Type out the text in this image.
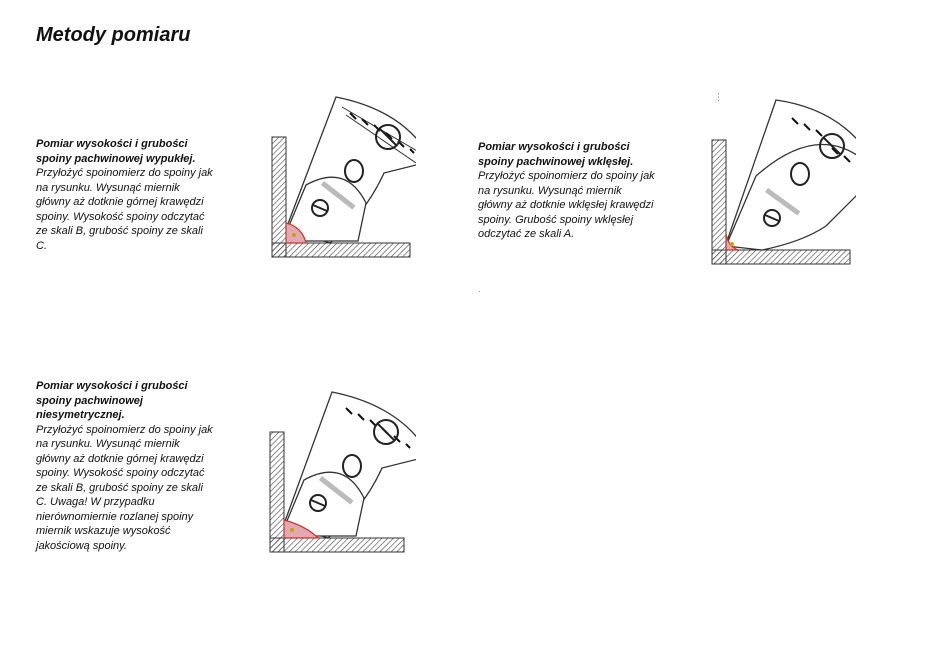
Metody pomiaru
Pomiar wysokości i grubości
spoiny pachwinowej wypukłej.
Przyłożyć spoinomierz do spoiny jak
na rysunku. Wysunąć miernik
główny aż dotknie górnej krawędzi
spoiny. Wysokość spoiny odczytać
ze skali B, grubość spoiny ze skali
C.
Pomiar wysokości i grubości
spoiny pachwinowej wklęsłej.
Przyłożyć spoinomierz do spoiny jak
na rysunku. Wysunąć miernik
główny aż dotknie wklęsłej krawędzi
spoiny. Grubość spoiny wklęsłej
odczytać ze skali A.
Pomiar wysokości i grubości
spoiny pachwinowej
niesymetrycznej.
Przyłożyć spoinomierz do spoiny jak
na rysunku. Wysunąć miernik
główny aż dotknie górnej krawędzi
spoiny. Wysokość spoiny odczytać
ze skali B, grubość spoiny ze skali
C. Uwaga! W przypadku
nierównomiernie rozlanej spoiny
miernik wskazuje wysokość
jakościową spoiny.
⋮
.
